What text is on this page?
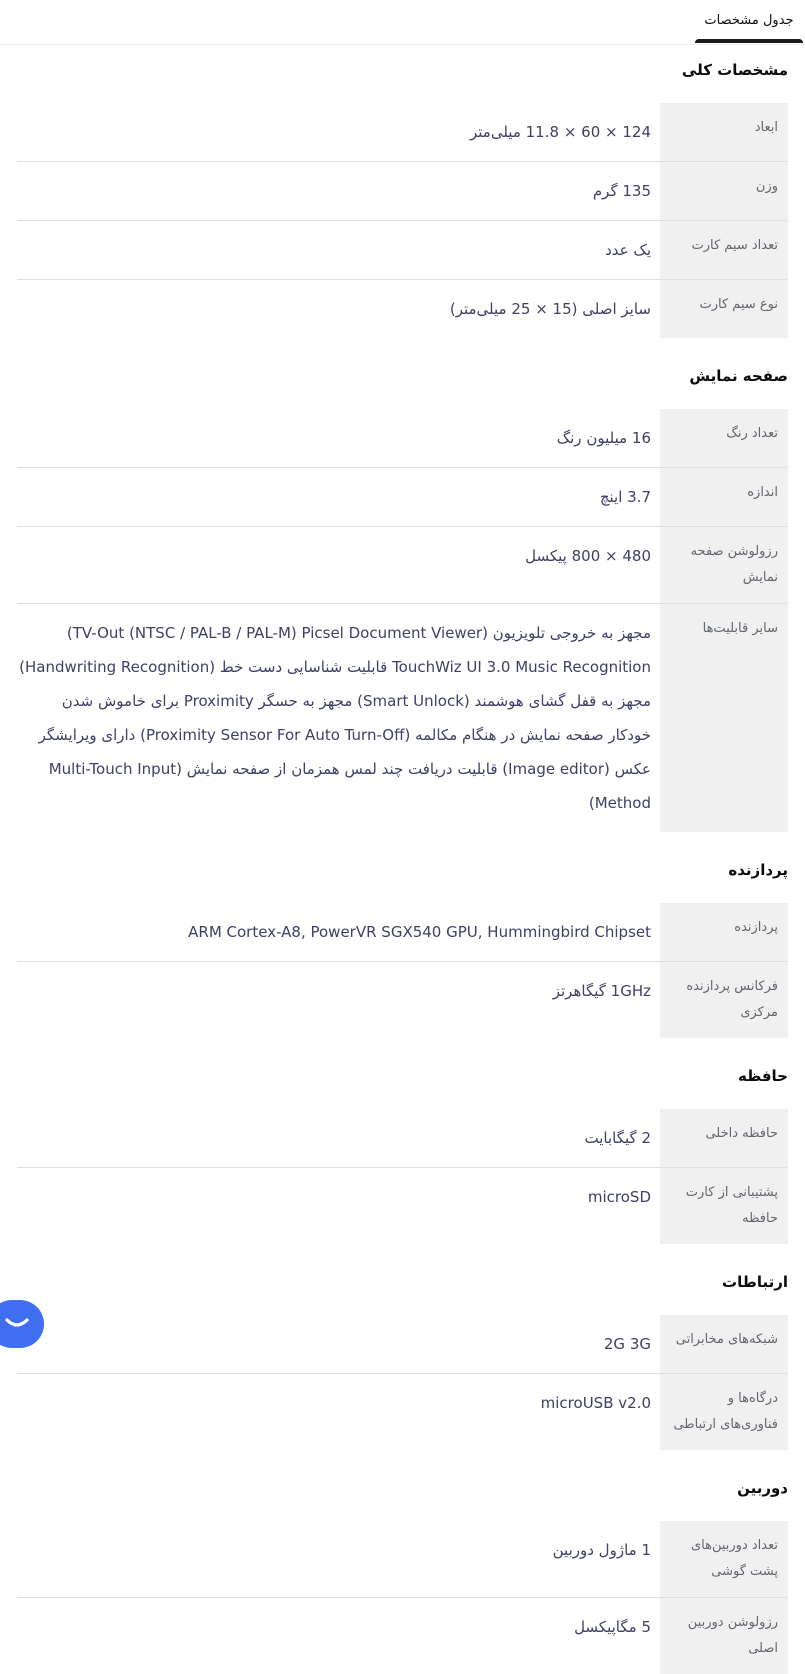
جدول مشخصات
مشخصات کلی
ابعاد
124 × 60 × 11.8 میلی‌متر
وزن
135 گرم
تعداد سیم کارت
یک عدد
نوع سیم کارت
سایز اصلی (15 × 25 میلی‌متر)
صفحه نمایش
تعداد رنگ
16 میلیون رنگ
اندازه
3.7 اینچ
رزولوشن صفحه نمایش
480 × 800 پیکسل
سایر قابلیت‌ها
مجهز به خروجی تلویزیون (TV-Out (NTSC / PAL-B / PAL-M) Picsel Document Viewer) TouchWiz UI 3.0 Music Recognition قابلیت شناسایی دست خط (Handwriting Recognition) مجهز به قفل گشای هوشمند (Smart Unlock) مجهز به حسگر Proximity برای خاموش شدن خودکار صفحه نمایش در هنگام مکالمه (Proximity Sensor For Auto Turn-Off) دارای ویرایشگر عکس (Image editor) قابلیت دریافت چند لمس همزمان از صفحه نمایش (Multi-Touch Input Method)
پردازنده
پردازنده
ARM Cortex-A8, PowerVR SGX540 GPU, Hummingbird Chipset
فرکانس پردازنده مرکزی
1GHz گیگاهرتز
حافظه
حافظه داخلی
2 گیگابایت
پشتیبانی از کارت حافظه
microSD
ارتباطات
شبکه‌های مخابراتی
2G 3G
درگاه‌ها و فناوری‌های ارتباطی
microUSB v2.0
دوربین
تعداد دوربین‌های پشت گوشی
1 ماژول دوربین
رزولوشن دوربین اصلی
5 مگاپیکسل
